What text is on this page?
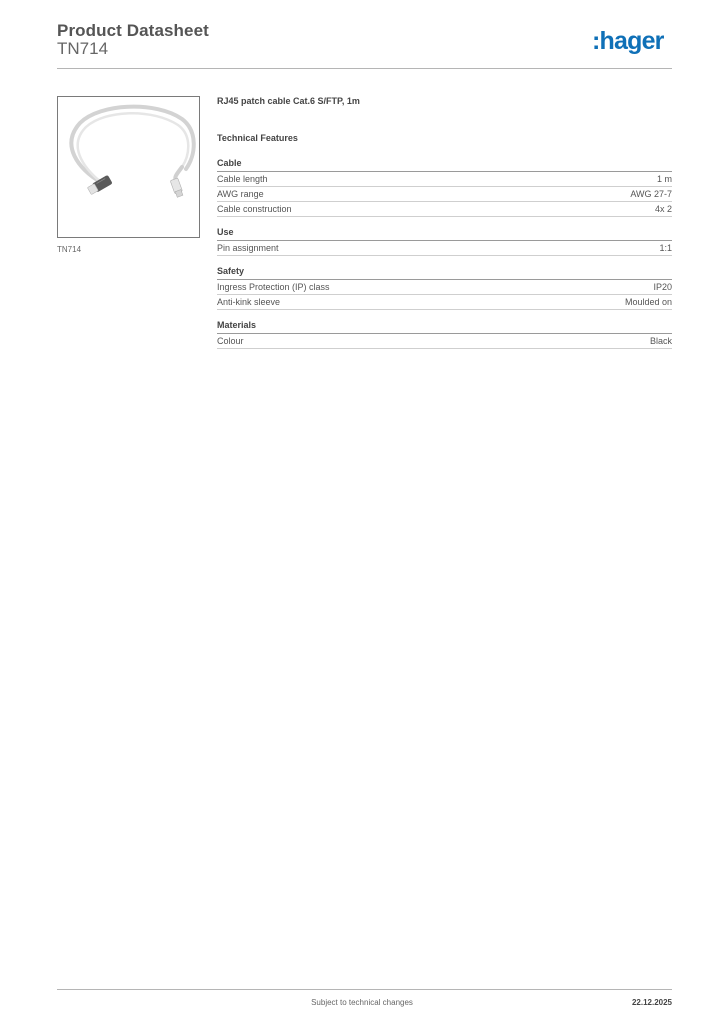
Product Datasheet
TN714	:hager
TN714
RJ45 patch cable Cat.6 S/FTP, 1m
Technical Features
Cable
Cable length	1 m
AWG range	AWG 27-7
Cable construction	4x 2
Use
Pin assignment	1:1
Safety
Ingress Protection (IP) class	IP20
Anti-kink sleeve	Moulded on
Materials
Colour	Black
Subject to technical changes	22.12.2025
